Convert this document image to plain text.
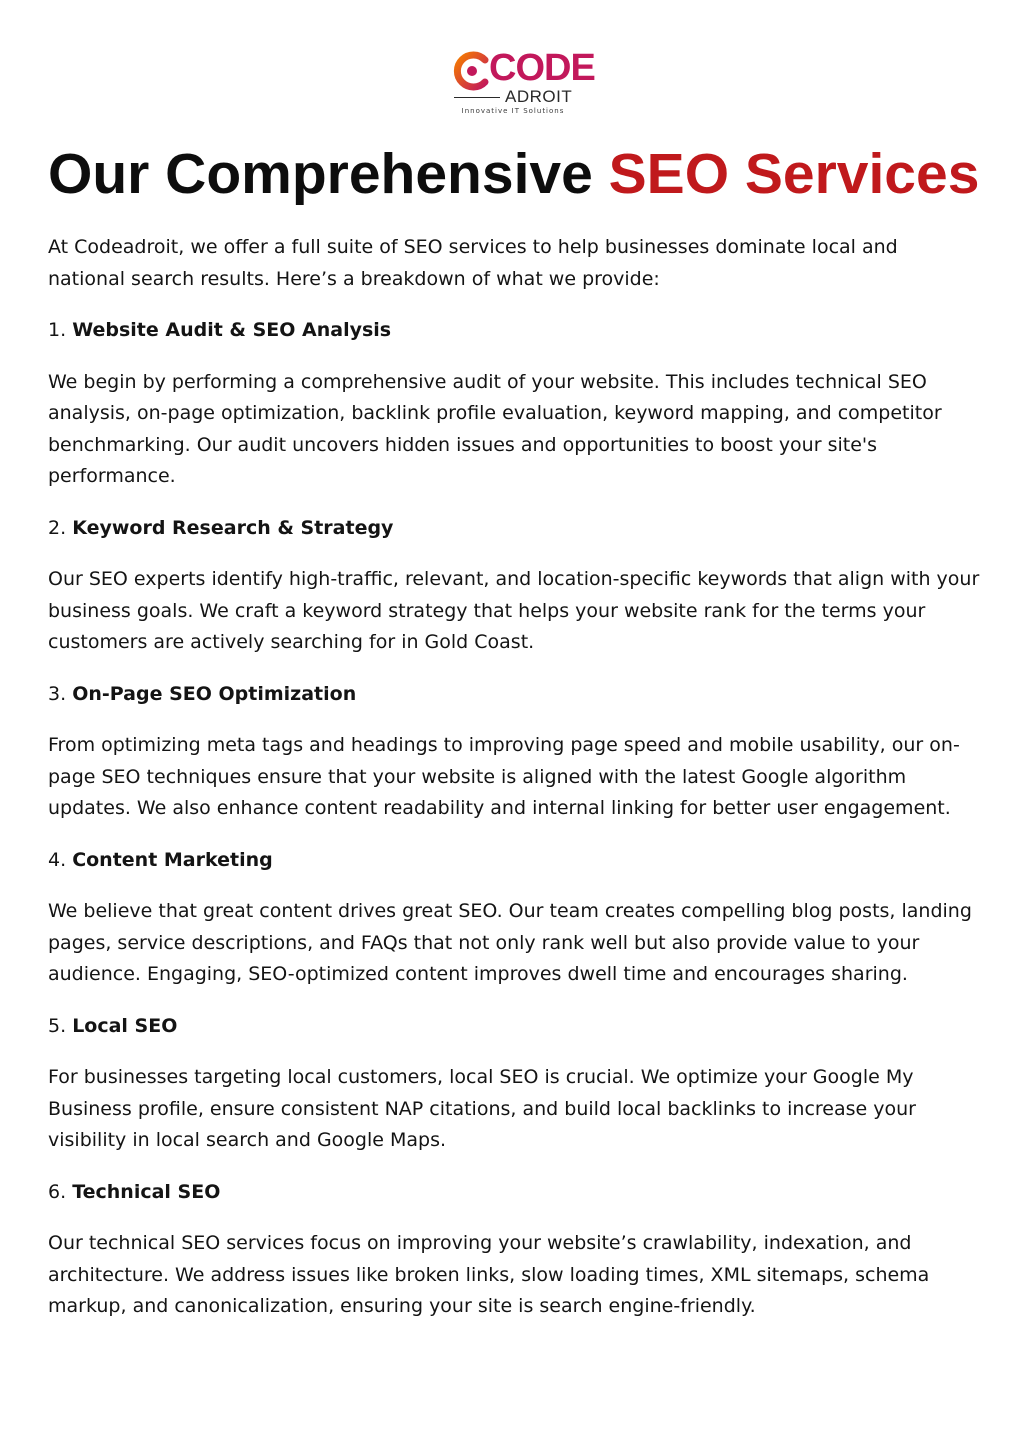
CODE
ADROIT
Innovative IT Solutions
Our Comprehensive SEO Services

At Codeadroit, we offer a full suite of SEO services to help businesses dominate local and national search results. Here’s a breakdown of what we provide:

1. Website Audit & SEO Analysis

We begin by performing a comprehensive audit of your website. This includes technical SEO analysis, on-page optimization, backlink profile evaluation, keyword mapping, and competitor benchmarking. Our audit uncovers hidden issues and opportunities to boost your site's performance.

2. Keyword Research & Strategy

Our SEO experts identify high-traffic, relevant, and location-specific keywords that align with your business goals. We craft a keyword strategy that helps your website rank for the terms your customers are actively searching for in Gold Coast.

3. On-Page SEO Optimization

From optimizing meta tags and headings to improving page speed and mobile usability, our on-page SEO techniques ensure that your website is aligned with the latest Google algorithm updates. We also enhance content readability and internal linking for better user engagement.

4. Content Marketing

We believe that great content drives great SEO. Our team creates compelling blog posts, landing pages, service descriptions, and FAQs that not only rank well but also provide value to your audience. Engaging, SEO-optimized content improves dwell time and encourages sharing.

5. Local SEO

For businesses targeting local customers, local SEO is crucial. We optimize your Google My Business profile, ensure consistent NAP citations, and build local backlinks to increase your visibility in local search and Google Maps.

6. Technical SEO

Our technical SEO services focus on improving your website’s crawlability, indexation, and architecture. We address issues like broken links, slow loading times, XML sitemaps, schema markup, and canonicalization, ensuring your site is search engine-friendly.
